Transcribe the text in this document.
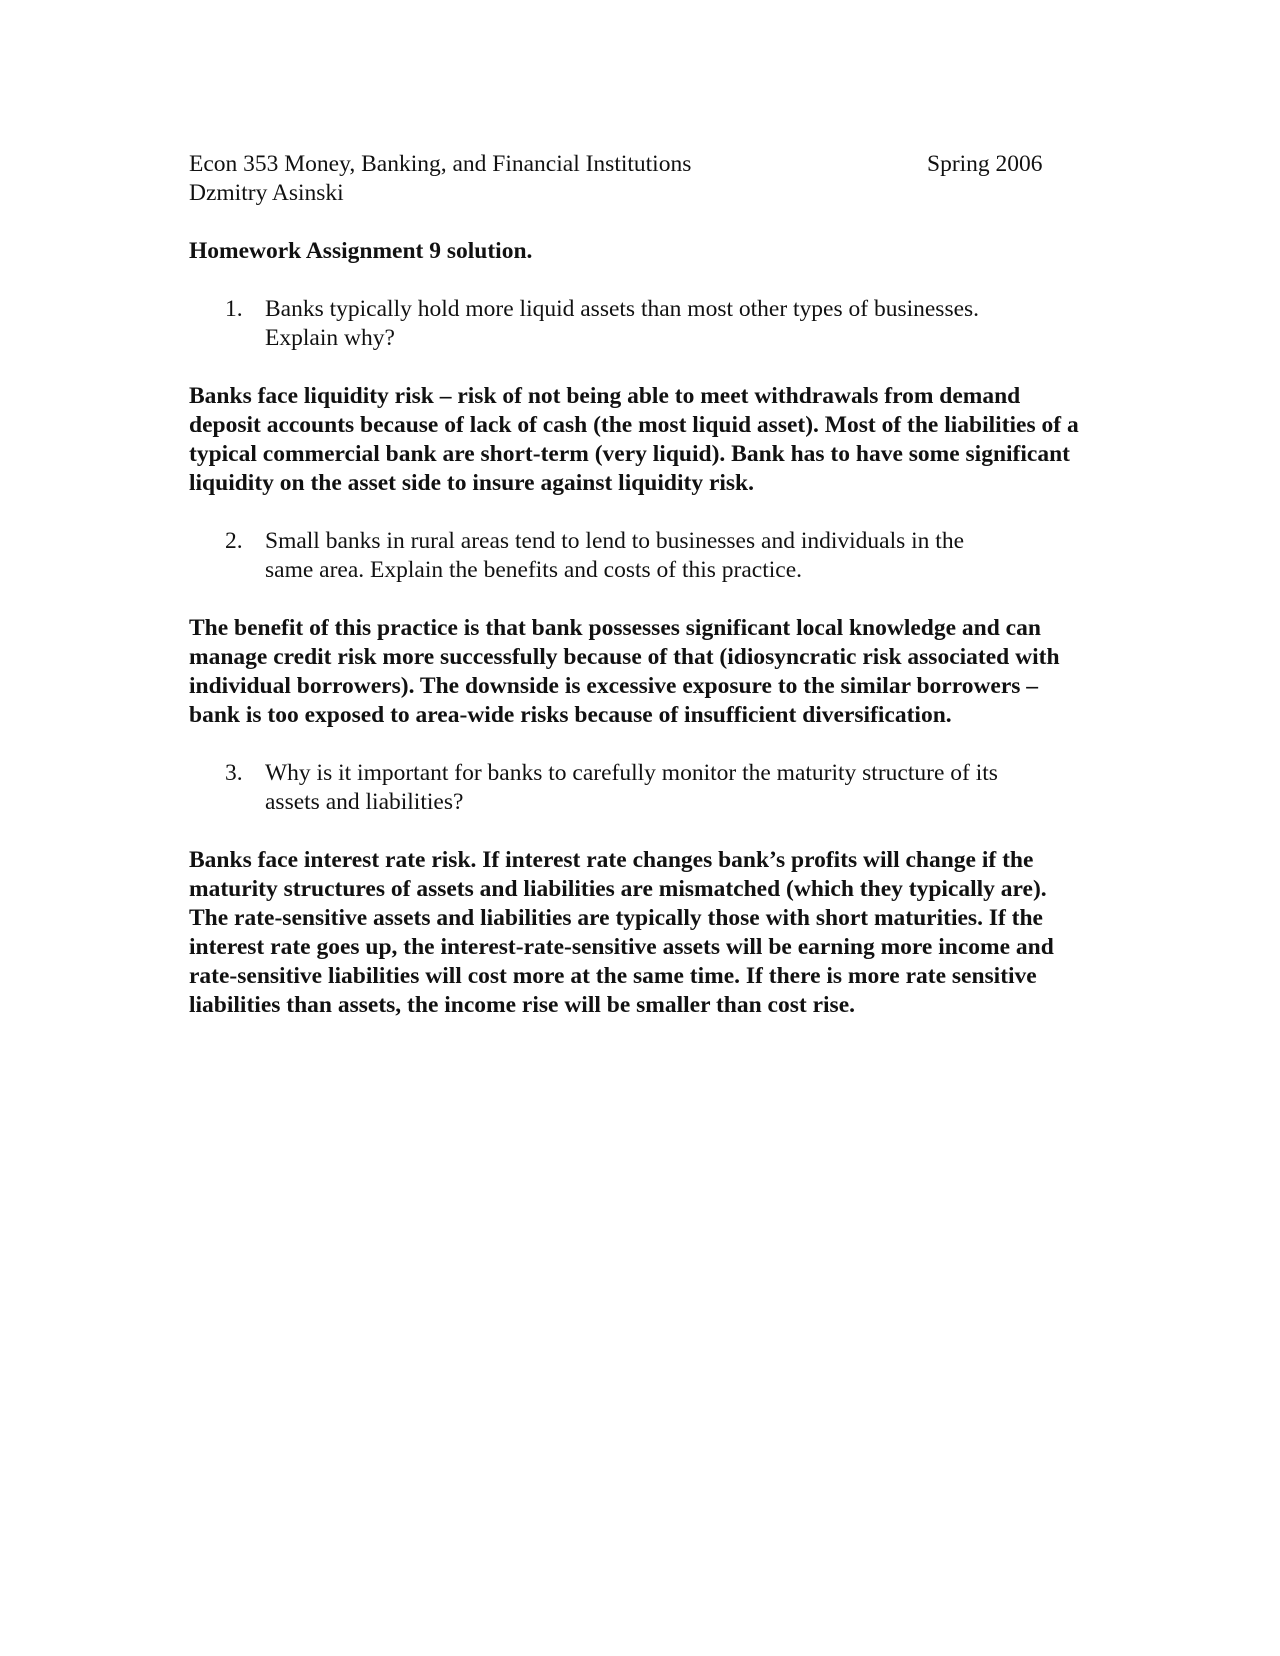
Econ 353 Money, Banking, and Financial Institutions	Spring 2006
Dzmitry Asinski
Homework Assignment 9 solution.
1. Banks typically hold more liquid assets than most other types of businesses. Explain why?
Banks face liquidity risk – risk of not being able to meet withdrawals from demand deposit accounts because of lack of cash (the most liquid asset). Most of the liabilities of a typical commercial bank are short-term (very liquid). Bank has to have some significant liquidity on the asset side to insure against liquidity risk.
2. Small banks in rural areas tend to lend to businesses and individuals in the same area. Explain the benefits and costs of this practice.
The benefit of this practice is that bank possesses significant local knowledge and can manage credit risk more successfully because of that (idiosyncratic risk associated with individual borrowers). The downside is excessive exposure to the similar borrowers – bank is too exposed to area-wide risks because of insufficient diversification.
3. Why is it important for banks to carefully monitor the maturity structure of its assets and liabilities?
Banks face interest rate risk. If interest rate changes bank’s profits will change if the maturity structures of assets and liabilities are mismatched (which they typically are). The rate-sensitive assets and liabilities are typically those with short maturities. If the interest rate goes up, the interest-rate-sensitive assets will be earning more income and rate-sensitive liabilities will cost more at the same time. If there is more rate sensitive liabilities than assets, the income rise will be smaller than cost rise.
